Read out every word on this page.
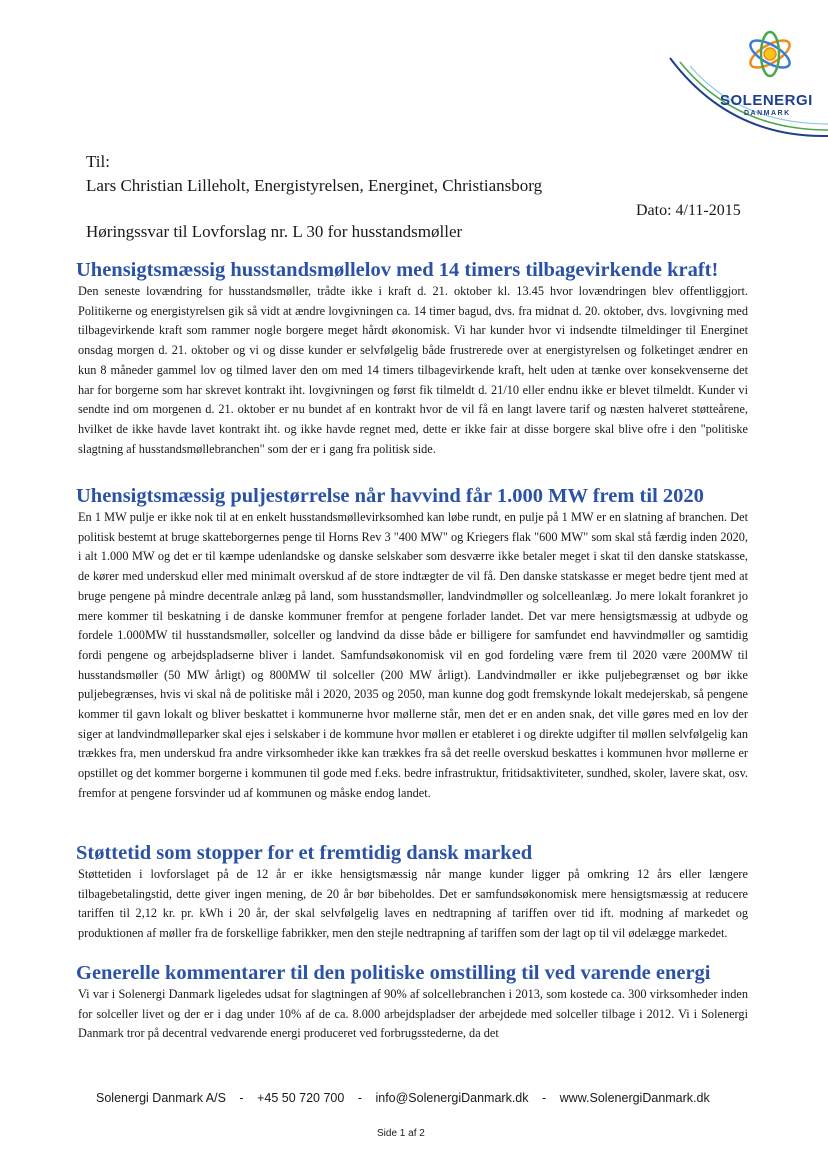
SOLENERGI
DANMARK
Til:
Lars Christian Lilleholt, Energistyrelsen, Energinet, Christiansborg
Dato: 4/11-2015
Høringssvar til Lovforslag nr. L 30 for husstandsmøller
Uhensigtsmæssig husstandsmøllelov med 14 timers tilbagevirkende kraft!

Den seneste lovændring for husstandsmøller, trådte ikke i kraft d. 21. oktober kl. 13.45 hvor lovændringen blev offentliggjort. Politikerne og energistyrelsen gik så vidt at ændre lovgivningen ca. 14 timer bagud, dvs. fra midnat d. 20. oktober, dvs. lovgivning med tilbagevirkende kraft som rammer nogle borgere meget hårdt økonomisk. Vi har kunder hvor vi indsendte tilmeldinger til Energinet onsdag morgen d. 21. oktober og vi og disse kunder er selvfølgelig både frustrerede over at energistyrelsen og folketinget ændrer en kun 8 måneder gammel lov og tilmed laver den om med 14 timers tilbagevirkende kraft, helt uden at tænke over konsekvenserne det har for borgerne som har skrevet kontrakt iht. lovgivningen og først fik tilmeldt d. 21/10 eller endnu ikke er blevet tilmeldt. Kunder vi sendte ind om morgenen d. 21. oktober er nu bundet af en kontrakt hvor de vil få en langt lavere tarif og næsten halveret støtteårene, hvilket de ikke havde lavet kontrakt iht. og ikke havde regnet med, dette er ikke fair at disse borgere skal blive ofre i den "politiske slagtning af husstandsmøllebranchen" som der er i gang fra politisk side.

Uhensigtsmæssig puljestørrelse når havvind får 1.000 MW frem til 2020

En 1 MW pulje er ikke nok til at en enkelt husstandsmøllevirksomhed kan løbe rundt, en pulje på 1 MW er en slatning af branchen. Det politisk bestemt at bruge skatteborgernes penge til Horns Rev 3 "400 MW" og Kriegers flak "600 MW" som skal stå færdig inden 2020, i alt 1.000 MW og det er til kæmpe udenlandske og danske selskaber som desværre ikke betaler meget i skat til den danske statskasse, de kører med underskud eller med minimalt overskud af de store indtægter de vil få. Den danske statskasse er meget bedre tjent med at bruge pengene på mindre decentrale anlæg på land, som husstandsmøller, landvindmøller og solcelleanlæg. Jo mere lokalt forankret jo mere kommer til beskatning i de danske kommuner fremfor at pengene forlader landet. Det var mere hensigtsmæssig at udbyde og fordele 1.000MW til husstandsmøller, solceller og landvind da disse både er billigere for samfundet end havvindmøller og samtidig fordi pengene og arbejdspladserne bliver i landet. Samfundsøkonomisk vil en god fordeling være frem til 2020 være 200MW til husstandsmøller (50 MW årligt) og 800MW til solceller (200 MW årligt). Landvindmøller er ikke puljebegrænset og bør ikke puljebegrænses, hvis vi skal nå de politiske mål i 2020, 2035 og 2050, man kunne dog godt fremskynde lokalt medejerskab, så pengene kommer til gavn lokalt og bliver beskattet i kommunerne hvor møllerne står, men det er en anden snak, det ville gøres med en lov der siger at landvindmølleparker skal ejes i selskaber i de kommune hvor møllen er etableret i og direkte udgifter til møllen selvfølgelig kan trækkes fra, men underskud fra andre virksomheder ikke kan trækkes fra så det reelle overskud beskattes i kommunen hvor møllerne er opstillet og det kommer borgerne i kommunen til gode med f.eks. bedre infrastruktur, fritidsaktiviteter, sundhed, skoler, lavere skat, osv. fremfor at pengene forsvinder ud af kommunen og måske endog landet.

Støttetid som stopper for et fremtidig dansk marked

Støttetiden i lovforslaget på de 12 år er ikke hensigtsmæssig når mange kunder ligger på omkring 12 års eller længere tilbagebetalingstid, dette giver ingen mening, de 20 år bør bibeholdes. Det er samfundsøkonomisk mere hensigtsmæssig at reducere tariffen til 2,12 kr. pr. kWh i 20 år, der skal selvfølgelig laves en nedtrapning af tariffen over tid ift. modning af markedet og produktionen af møller fra de forskellige fabrikker, men den stejle nedtrapning af tariffen som der lagt op til vil ødelægge markedet.

Generelle kommentarer til den politiske omstilling til ved varende energi

Vi var i Solenergi Danmark ligeledes udsat for slagtningen af 90% af solcellebranchen i 2013, som kostede ca. 300 virksomheder inden for solceller livet og der er i dag under 10% af de ca. 8.000 arbejdspladser der arbejdede med solceller tilbage i 2012. Vi i Solenergi Danmark tror på decentral vedvarende energi produceret ved forbrugsstederne, da det

Solenergi Danmark A/S - +45 50 720 700 - info@SolenergiDanmark.dk - www.SolenergiDanmark.dk
Side 1 af 2
